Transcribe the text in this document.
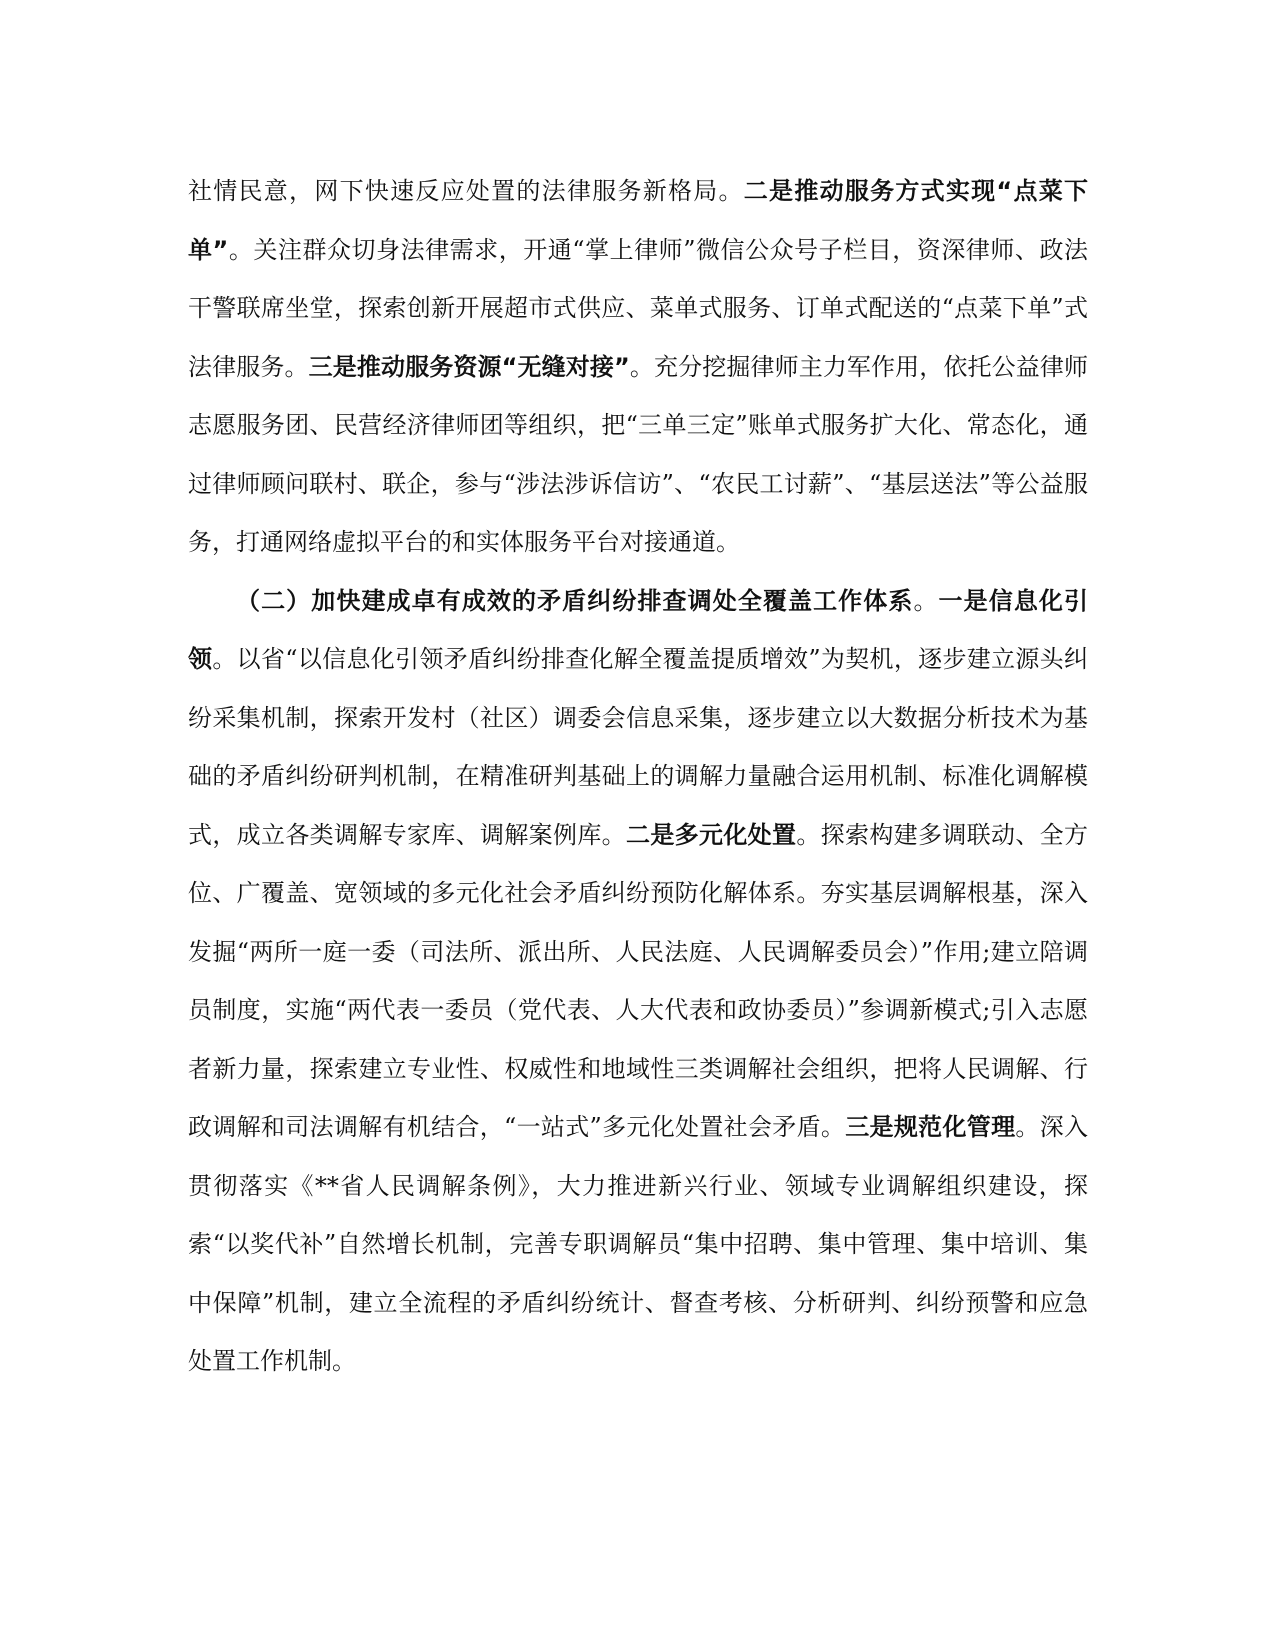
社情民意，网下快速反应处置的法律服务新格局。二是推动服务方式实现“点菜下单”。关注群众切身法律需求，开通“掌上律师”微信公众号子栏目，资深律师、政法干警联席坐堂，探索创新开展超市式供应、菜单式服务、订单式配送的“点菜下单”式法律服务。三是推动服务资源“无缝对接”。充分挖掘律师主力军作用，依托公益律师志愿服务团、民营经济律师团等组织，把“三单三定”账单式服务扩大化、常态化，通过律师顾问联村、联企，参与“涉法涉诉信访”、“农民工讨薪”、“基层送法”等公益服务，打通网络虚拟平台的和实体服务平台对接通道。

（二）加快建成卓有成效的矛盾纠纷排查调处全覆盖工作体系。一是信息化引领。以省“以信息化引领矛盾纠纷排查化解全覆盖提质增效”为契机，逐步建立源头纠纷采集机制，探索开发村（社区）调委会信息采集，逐步建立以大数据分析技术为基础的矛盾纠纷研判机制，在精准研判基础上的调解力量融合运用机制、标准化调解模式，成立各类调解专家库、调解案例库。二是多元化处置。探索构建多调联动、全方位、广覆盖、宽领域的多元化社会矛盾纠纷预防化解体系。夯实基层调解根基，深入发掘“两所一庭一委（司法所、派出所、人民法庭、人民调解委员会）”作用;建立陪调员制度，实施“两代表一委员（党代表、人大代表和政协委员）”参调新模式;引入志愿者新力量，探索建立专业性、权威性和地域性三类调解社会组织，把将人民调解、行政调解和司法调解有机结合，“一站式”多元化处置社会矛盾。三是规范化管理。深入贯彻落实《**省人民调解条例》，大力推进新兴行业、领域专业调解组织建设，探索“以奖代补”自然增长机制，完善专职调解员“集中招聘、集中管理、集中培训、集中保障”机制，建立全流程的矛盾纠纷统计、督查考核、分析研判、纠纷预警和应急处置工作机制。
